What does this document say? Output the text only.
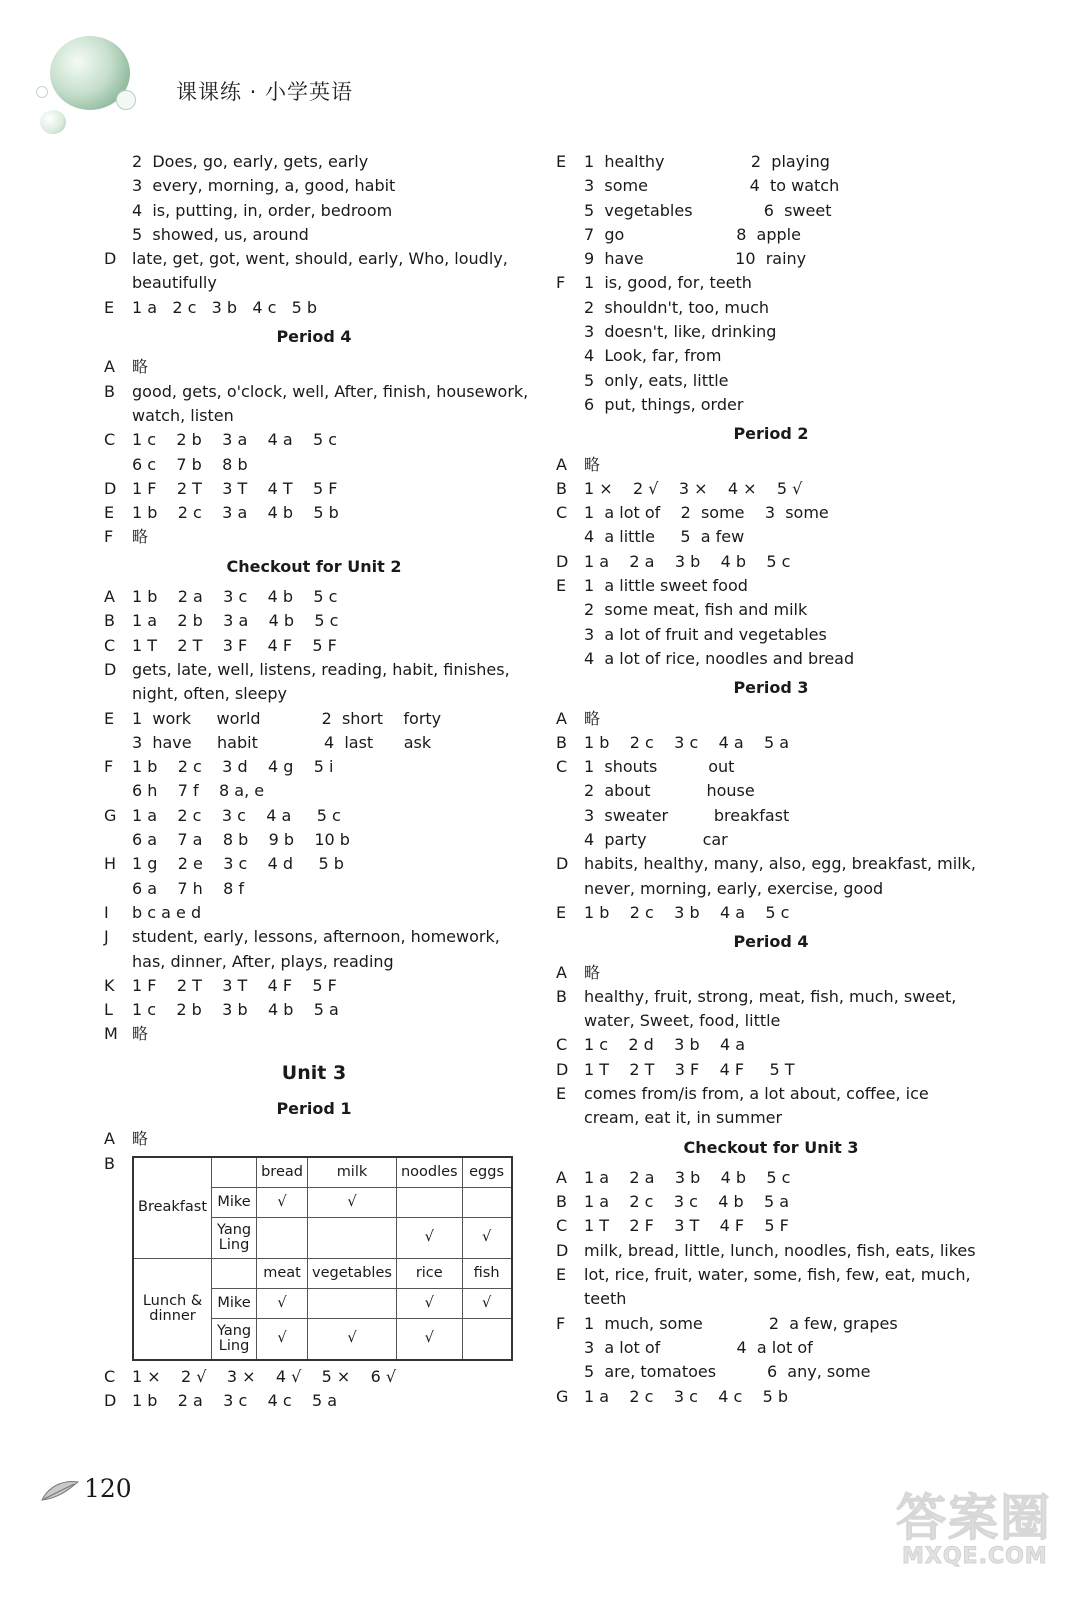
课课练 · 小学英语
2  Does, go, early, gets, early
3  every, morning, a, good, habit
4  is, putting, in, order, bedroom
5  showed, us, around
D late, get, got, went, should, early, Who, loudly,
beautifully
E 1 a   2 c   3 b   4 c   5 b
Period 4
A 略
B good, gets, o'clock, well, After, finish, housework,
watch, listen
C 1 c    2 b    3 a    4 a    5 c
6 c    7 b    8 b
D 1 F    2 T    3 T    4 T    5 F
E 1 b    2 c    3 a    4 b    5 b
F 略
Checkout for Unit 2
A 1 b    2 a    3 c    4 b    5 c
B 1 a    2 b    3 a    4 b    5 c
C 1 T    2 T    3 F    4 F    5 F
D gets, late, well, listens, reading, habit, finishes,
night, often, sleepy
E 1  work     world            2  short    forty
3  have     habit             4  last      ask
F 1 b    2 c    3 d    4 g    5 i
6 h    7 f    8 a, e
G 1 a    2 c    3 c    4 a     5 c
6 a    7 a    8 b    9 b    10 b
H 1 g    2 e    3 c    4 d     5 b
6 a    7 h    8 f
I b c a e d
J student, early, lessons, afternoon, homework,
has, dinner, After, plays, reading
K 1 F    2 T    3 T    4 F    5 F
L 1 c    2 b    3 b    4 b    5 a
M 略
Unit 3
Period 1
A 略
B
Breakfast		bread	milk	noodles	eggs
	Mike	√	√		
	Yang Ling			√	√
Lunch & dinner		meat	vegetables	rice	fish
	Mike	√		√	√
	Yang Ling	√	√	√	
C 1 ×    2 √    3 ×    4 √    5 ×    6 √
D 1 b    2 a    3 c    4 c    5 a
E 1  healthy                 2  playing
3  some                    4  to watch
5  vegetables              6  sweet
7  go                      8  apple
9  have                  10  rainy
F 1  is, good, for, teeth
2  shouldn't, too, much
3  doesn't, like, drinking
4  Look, far, from
5  only, eats, little
6  put, things, order
Period 2
A 略
B 1 ×    2 √    3 ×    4 ×    5 √
C 1  a lot of    2  some    3  some
4  a little     5  a few
D 1 a    2 a    3 b    4 b    5 c
E 1  a little sweet food
2  some meat, fish and milk
3  a lot of fruit and vegetables
4  a lot of rice, noodles and bread
Period 3
A 略
B 1 b    2 c    3 c    4 a    5 a
C 1  shouts          out
2  about           house
3  sweater         breakfast
4  party           car
D habits, healthy, many, also, egg, breakfast, milk,
never, morning, early, exercise, good
E 1 b    2 c    3 b    4 a    5 c
Period 4
A 略
B healthy, fruit, strong, meat, fish, much, sweet,
water, Sweet, food, little
C 1 c    2 d    3 b    4 a
D 1 T    2 T    3 F    4 F     5 T
E comes from/is from, a lot about, coffee, ice
cream, eat it, in summer
Checkout for Unit 3
A 1 a    2 a    3 b    4 b    5 c
B 1 a    2 c    3 c    4 b    5 a
C 1 T    2 F    3 T    4 F    5 F
D milk, bread, little, lunch, noodles, fish, eats, likes
E lot, rice, fruit, water, some, fish, few, eat, much,
teeth
F 1  much, some             2  a few, grapes
3  a lot of               4  a lot of
5  are, tomatoes          6  any, some
G 1 a    2 c    3 c    4 c    5 b
120
答案圈
MXQE.COM
